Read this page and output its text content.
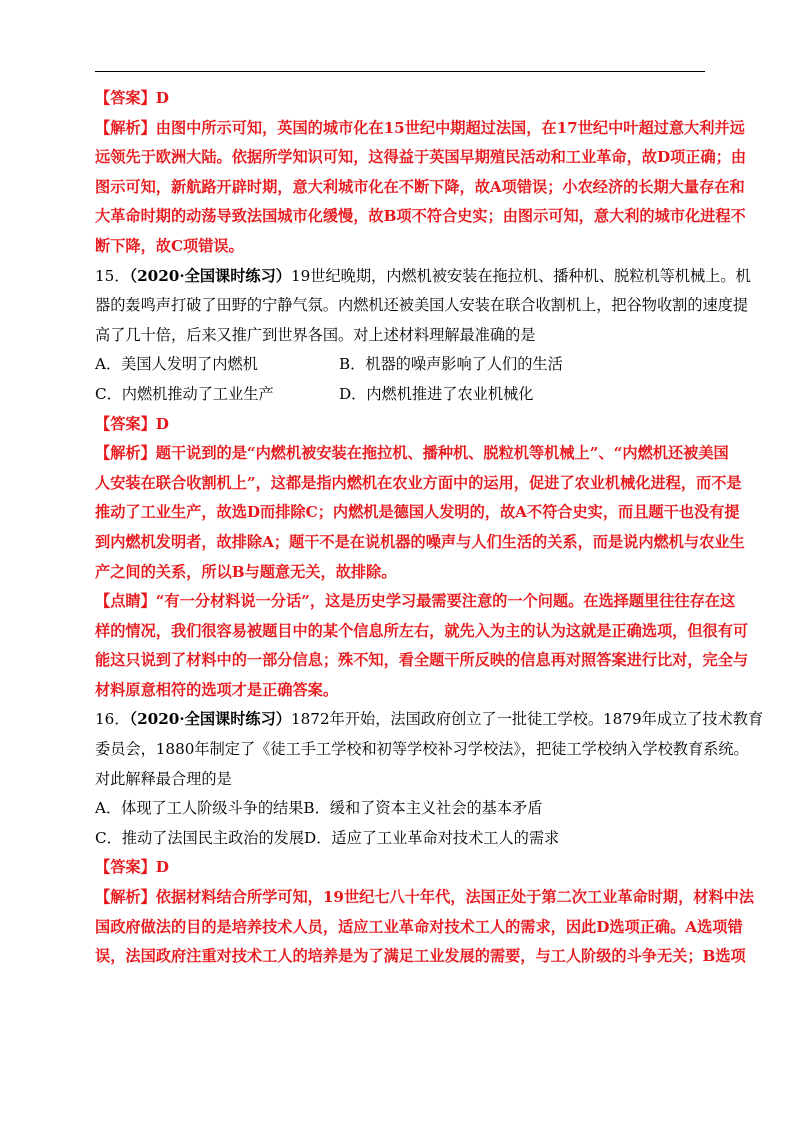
【答案】D
【解析】由图中所示可知，英国的城市化在15世纪中期超过法国，在17世纪中叶超过意大利并远
远领先于欧洲大陆。依据所学知识可知，这得益于英国早期殖民活动和工业革命，故D项正确；由
图示可知，新航路开辟时期，意大利城市化在不断下降，故A项错误；小农经济的长期大量存在和
大革命时期的动荡导致法国城市化缓慢，故B项不符合史实；由图示可知，意大利的城市化进程不
断下降，故C项错误。
15．（2020·全国课时练习）19世纪晚期，内燃机被安装在拖拉机、播种机、脱粒机等机械上。机
器的轰鸣声打破了田野的宁静气氛。内燃机还被美国人安装在联合收割机上，把谷物收割的速度提
高了几十倍，后来又推广到世界各国。对上述材料理解最准确的是
A．美国人发明了内燃机	B．机器的噪声影响了人们的生活
C．内燃机推动了工业生产	D．内燃机推进了农业机械化
【答案】D
【解析】题干说到的是“内燃机被安装在拖拉机、播种机、脱粒机等机械上”、“内燃机还被美国
人安装在联合收割机上”，这都是指内燃机在农业方面中的运用，促进了农业机械化进程，而不是
推动了工业生产，故选D而排除C；内燃机是德国人发明的，故A不符合史实，而且题干也没有提
到内燃机发明者，故排除A；题干不是在说机器的噪声与人们生活的关系，而是说内燃机与农业生
产之间的关系，所以B与题意无关，故排除。
【点睛】“有一分材料说一分话”，这是历史学习最需要注意的一个问题。在选择题里往往存在这
样的情况，我们很容易被题目中的某个信息所左右，就先入为主的认为这就是正确选项，但很有可
能这只说到了材料中的一部分信息；殊不知，看全题干所反映的信息再对照答案进行比对，完全与
材料原意相符的选项才是正确答案。
16．（2020·全国课时练习）1872年开始，法国政府创立了一批徒工学校。1879年成立了技术教育
委员会，1880年制定了《徒工手工学校和初等学校补习学校法》，把徒工学校纳入学校教育系统。
对此解释最合理的是
A．体现了工人阶级斗争的结果B．缓和了资本主义社会的基本矛盾
C．推动了法国民主政治的发展D．适应了工业革命对技术工人的需求
【答案】D
【解析】依据材料结合所学可知，19世纪七八十年代，法国正处于第二次工业革命时期，材料中法
国政府做法的目的是培养技术人员，适应工业革命对技术工人的需求，因此D选项正确。A选项错
误，法国政府注重对技术工人的培养是为了满足工业发展的需要，与工人阶级的斗争无关；B选项
